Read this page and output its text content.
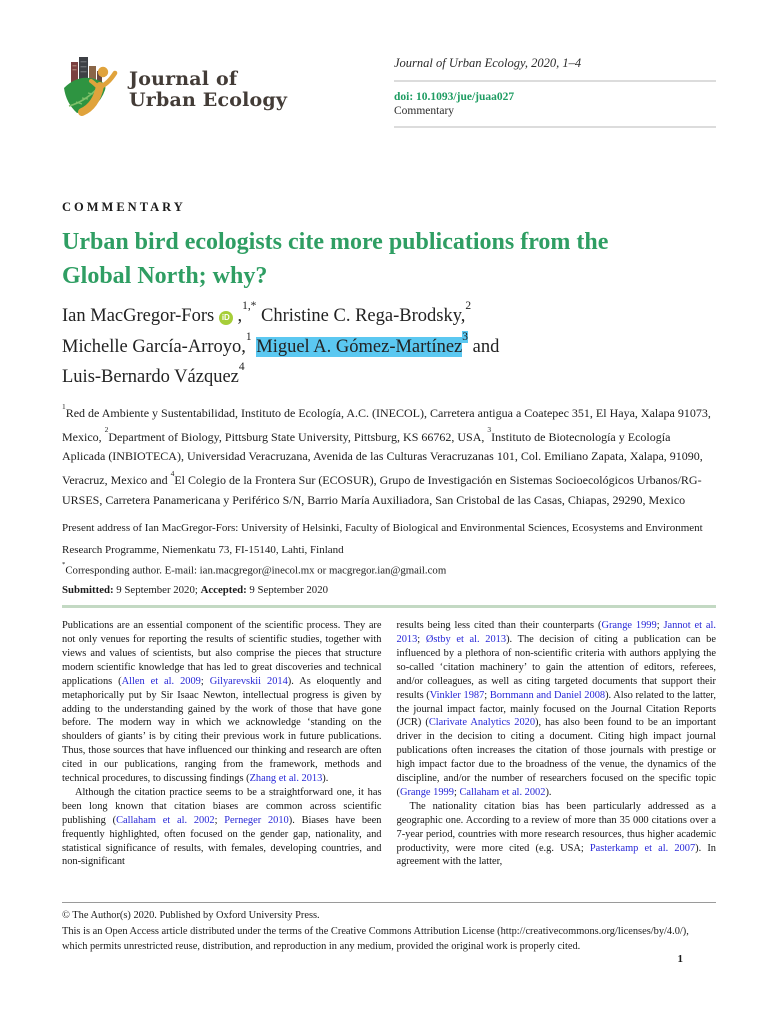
Journal of
Urban Ecology
Journal of Urban Ecology, 2020, 1–4
doi: 10.1093/jue/juaa027
Commentary
COMMENTARY
Urban bird ecologists cite more publications from the
Global North; why?
Ian MacGregor-Fors iD ,$^{1,*}$ Christine C. Rega-Brodsky,$^2$
Michelle García-Arroyo,$^1$ Miguel A. Gómez-Martínez$^3$ and
Luis-Bernardo Vázquez$^4$
$^1$Red de Ambiente y Sustentabilidad, Instituto de Ecología, A.C. (INECOL), Carretera antigua a Coatepec 351, El Haya, Xalapa 91073, Mexico, $^2$Department of Biology, Pittsburg State University, Pittsburg, KS 66762, USA, $^3$Instituto de Biotecnología y Ecología Aplicada (INBIOTECA), Universidad Veracruzana, Avenida de las Culturas Veracruzanas 101, Col. Emiliano Zapata, Xalapa, 91090, Veracruz, Mexico and $^4$El Colegio de la Frontera Sur (ECOSUR), Grupo de Investigación en Sistemas Socioecológicos Urbanos/RG-URSES, Carretera Panamericana y Periférico S/N, Barrio María Auxiliadora, San Cristobal de las Casas, Chiapas, 29290, Mexico
Present address of Ian MacGregor-Fors: University of Helsinki, Faculty of Biological and Environmental Sciences, Ecosystems and Environment Research Programme, Niemenkatu 73, FI-15140, Lahti, Finland
*Corresponding author. E-mail: ian.macgregor@inecol.mx or macgregor.ian@gmail.com
Submitted: 9 September 2020; Accepted: 9 September 2020

Publications are an essential component of the scientific process. They are not only venues for reporting the results of scientific studies, together with views and values of scientists, but also comprise the pieces that structure modern scientific knowledge that has led to great discoveries and technical applications (Allen et al. 2009; Gilyarevskii 2014). As eloquently and metaphorically put by Sir Isaac Newton, intellectual progress is given by adding to the understanding gained by the work of those that have gone before. The modern way in which we acknowledge ‘standing on the shoulders of giants’ is by citing their previous work in future publications. Thus, those sources that have influenced our thinking and research are often cited in our publications, ranging from the framework, methods and technical procedures, to discussing findings (Zhang et al. 2013).

Although the citation practice seems to be a straightforward one, it has been long known that citation biases are common across scientific publishing (Callaham et al. 2002; Perneger 2010). Biases have been frequently highlighted, often focused on the gender gap, nationality, and statistical significance of results, with females, developing countries, and non-significant

results being less cited than their counterparts (Grange 1999; Jannot et al. 2013; Østby et al. 2013). The decision of citing a publication can be influenced by a plethora of non-scientific criteria with authors applying the so-called ‘citation machinery’ to gain the attention of editors, referees, and/or colleagues, as well as citing targeted documents that support their results (Vinkler 1987; Bornmann and Daniel 2008). Also related to the latter, the journal impact factor, mainly focused on the Journal Citation Reports (JCR) (Clarivate Analytics 2020), has also been found to be an important driver in the decision to citing a document. Citing high impact journal publications often increases the citation of those journals with prestige or high impact factor due to the broadness of the venue, the dynamics of the discipline, and/or the number of researchers focused on the specific topic (Grange 1999; Callaham et al. 2002).

The nationality citation bias has been particularly addressed as a geographic one. According to a review of more than 35 000 citations over a 7-year period, countries with more research resources, thus higher academic productivity, were more cited (e.g. USA; Pasterkamp et al. 2007). In agreement with the latter,

© The Author(s) 2020. Published by Oxford University Press.
This is an Open Access article distributed under the terms of the Creative Commons Attribution License (http://creativecommons.org/licenses/by/4.0/), which permits unrestricted reuse, distribution, and reproduction in any medium, provided the original work is properly cited.
1
